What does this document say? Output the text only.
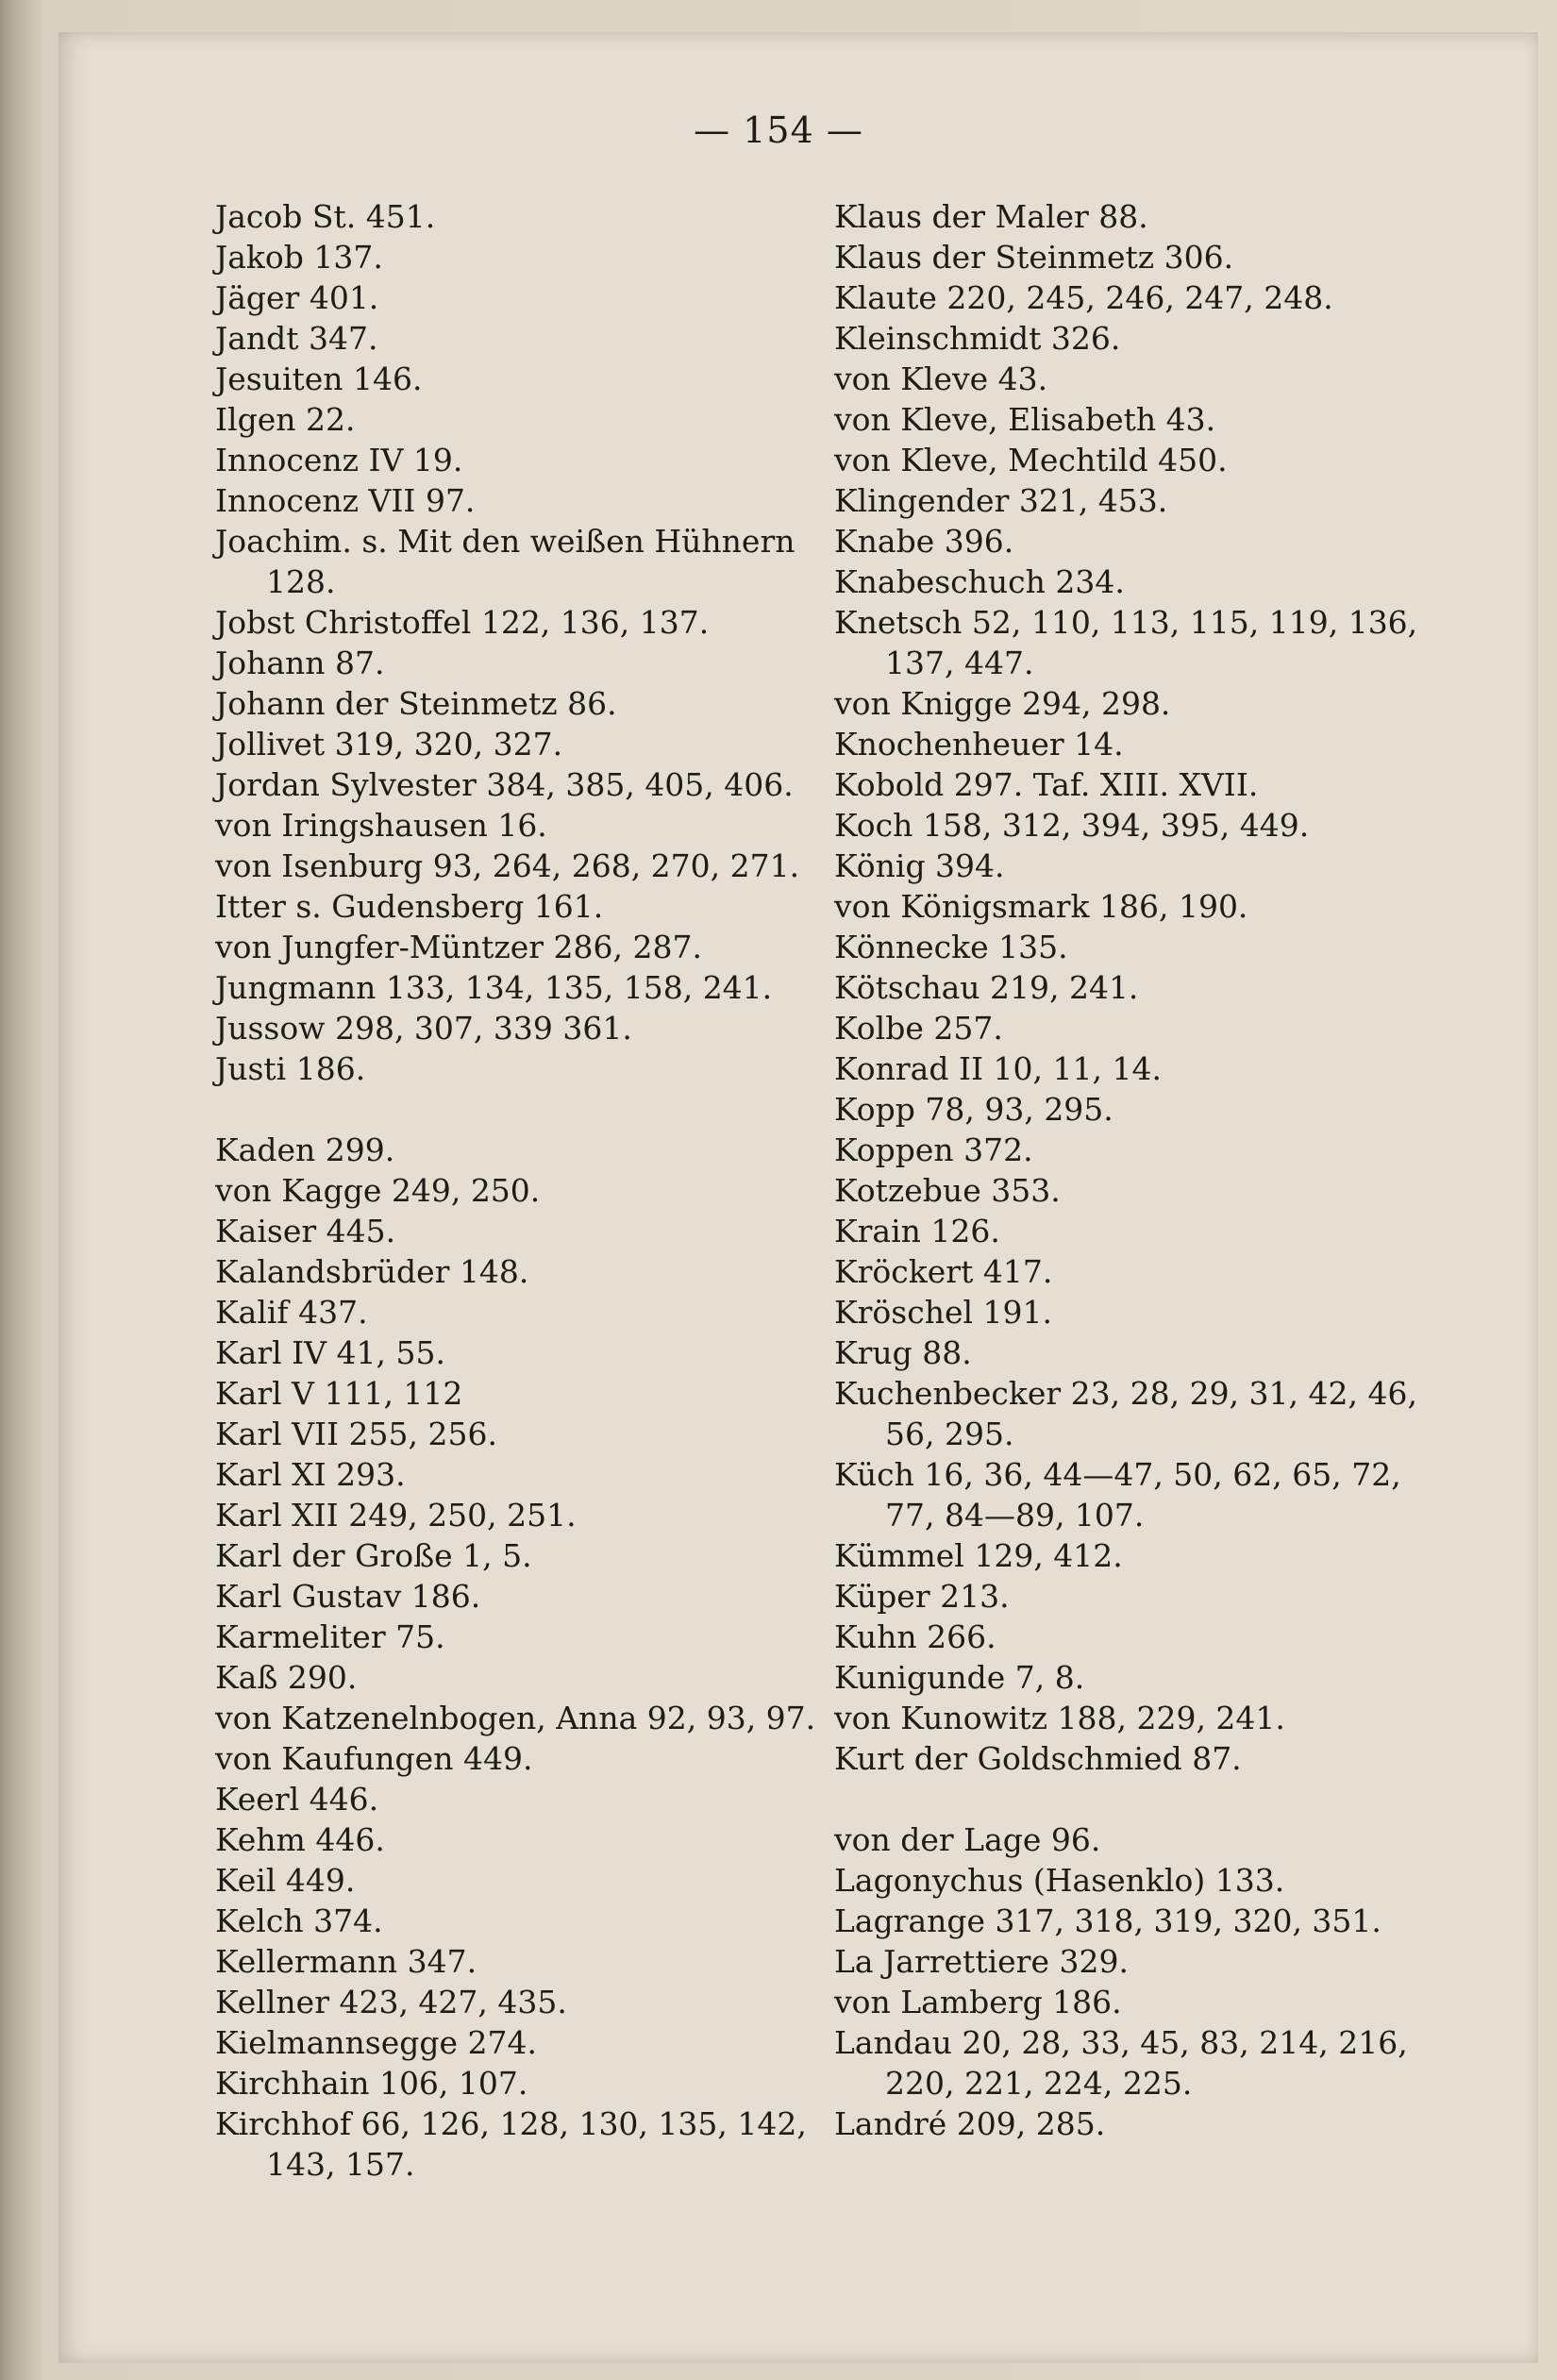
— 154 —
Jacob St. 451.
Jakob 137.
Jäger 401.
Jandt 347.
Jesuiten 146.
Ilgen 22.
Innocenz IV 19.
Innocenz VII 97.
Joachim. s. Mit den weißen Hühnern 128.
Jobst Christoffel 122, 136, 137.
Johann 87.
Johann der Steinmetz 86.
Jollivet 319, 320, 327.
Jordan Sylvester 384, 385, 405, 406.
von Iringshausen 16.
von Isenburg 93, 264, 268, 270, 271.
Itter s. Gudensberg 161.
von Jungfer-Müntzer 286, 287.
Jungmann 133, 134, 135, 158, 241.
Jussow 298, 307, 339 361.
Justi 186.
Kaden 299.
von Kagge 249, 250.
Kaiser 445.
Kalandsbrüder 148.
Kalif 437.
Karl IV 41, 55.
Karl V 111, 112
Karl VII 255, 256.
Karl XI 293.
Karl XII 249, 250, 251.
Karl der Große 1, 5.
Karl Gustav 186.
Karmeliter 75.
Kaß 290.
von Katzenelnbogen, Anna 92, 93, 97.
von Kaufungen 449.
Keerl 446.
Kehm 446.
Keil 449.
Kelch 374.
Kellermann 347.
Kellner 423, 427, 435.
Kielmannsegge 274.
Kirchhain 106, 107.
Kirchhof 66, 126, 128, 130, 135, 142, 143, 157.
Klaus der Maler 88.
Klaus der Steinmetz 306.
Klaute 220, 245, 246, 247, 248.
Kleinschmidt 326.
von Kleve 43.
von Kleve, Elisabeth 43.
von Kleve, Mechtild 450.
Klingender 321, 453.
Knabe 396.
Knabeschuch 234.
Knetsch 52, 110, 113, 115, 119, 136, 137, 447.
von Knigge 294, 298.
Knochenheuer 14.
Kobold 297. Taf. XIII. XVII.
Koch 158, 312, 394, 395, 449.
König 394.
von Königsmark 186, 190.
Könnecke 135.
Kötschau 219, 241.
Kolbe 257.
Konrad II 10, 11, 14.
Kopp 78, 93, 295.
Koppen 372.
Kotzebue 353.
Krain 126.
Kröckert 417.
Kröschel 191.
Krug 88.
Kuchenbecker 23, 28, 29, 31, 42, 46, 56, 295.
Küch 16, 36, 44—47, 50, 62, 65, 72, 77, 84—89, 107.
Kümmel 129, 412.
Küper 213.
Kuhn 266.
Kunigunde 7, 8.
von Kunowitz 188, 229, 241.
Kurt der Goldschmied 87.
von der Lage 96.
Lagonychus (Hasenklo) 133.
Lagrange 317, 318, 319, 320, 351.
La Jarrettiere 329.
von Lamberg 186.
Landau 20, 28, 33, 45, 83, 214, 216, 220, 221, 224, 225.
Landré 209, 285.
